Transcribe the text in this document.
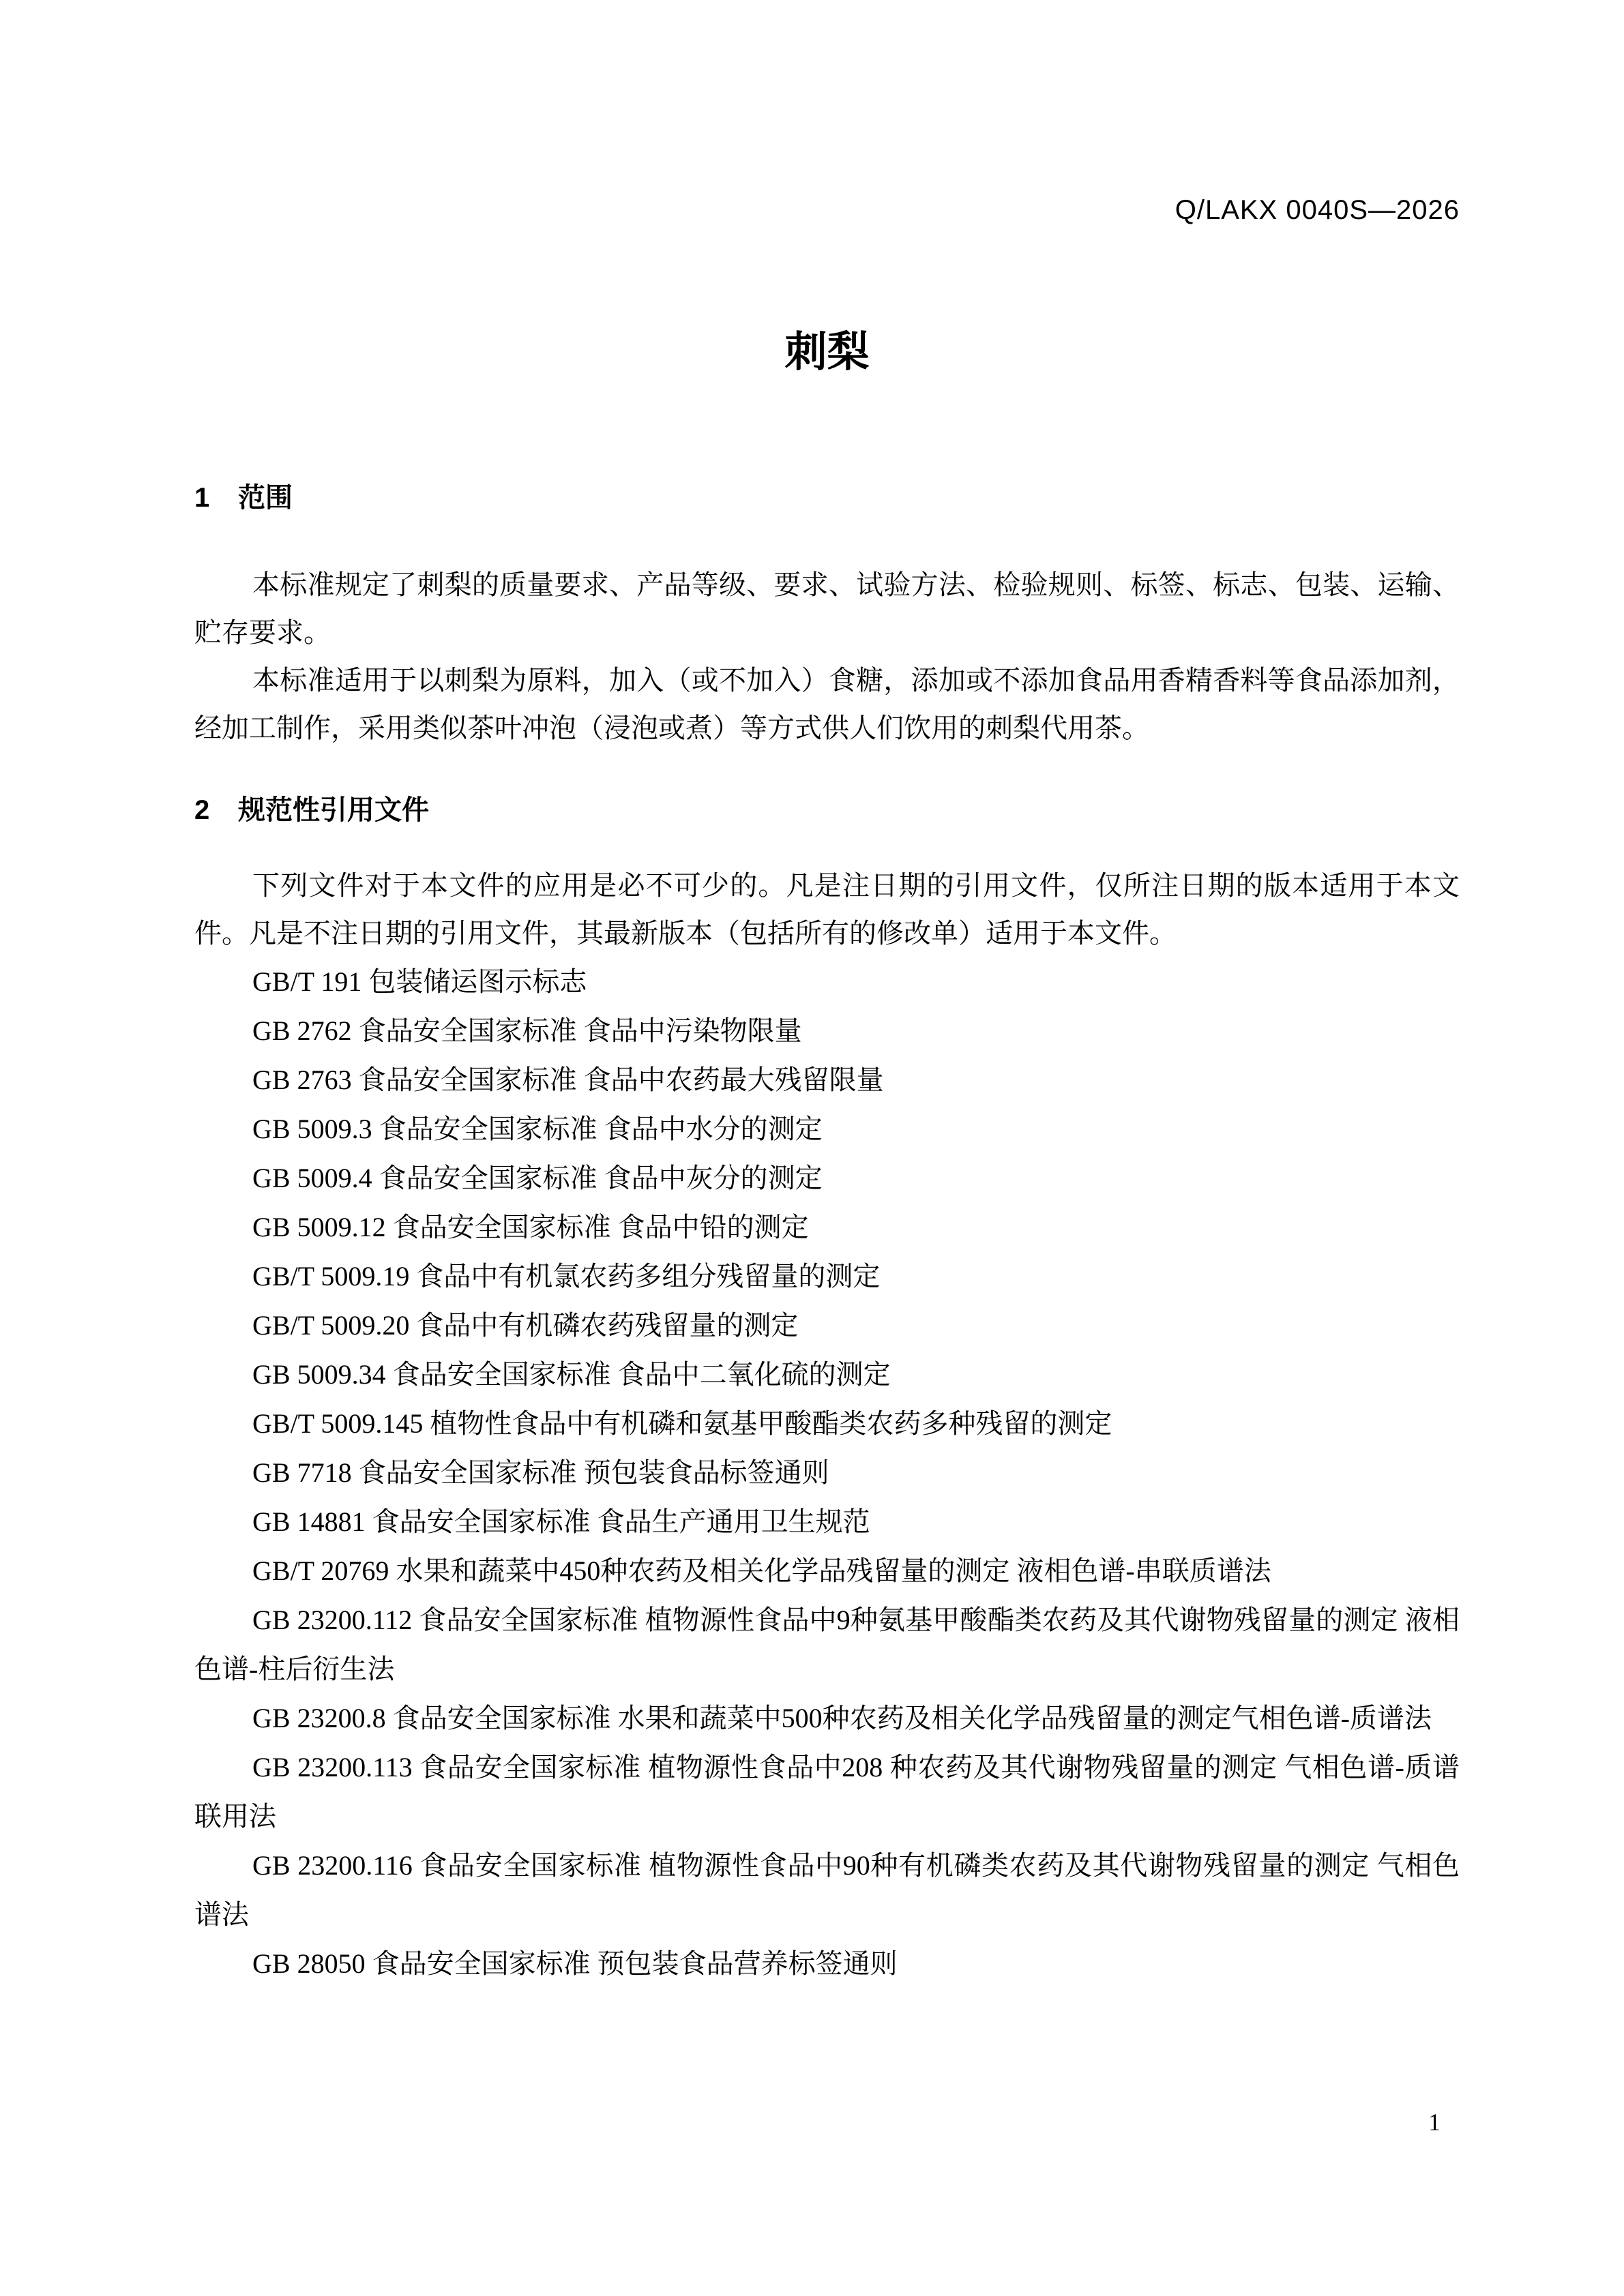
Q/LAKX 0040S—2026
刺梨
1 范围

本标准规定了刺梨的质量要求、产品等级、要求、试验方法、检验规则、标签、标志、包装、运输、贮存要求。

本标准适用于以刺梨为原料，加入（或不加入）食糖，添加或不添加食品用香精香料等食品添加剂，经加工制作，采用类似茶叶冲泡（浸泡或煮）等方式供人们饮用的刺梨代用茶。

2 规范性引用文件

下列文件对于本文件的应用是必不可少的。凡是注日期的引用文件，仅所注日期的版本适用于本文件。凡是不注日期的引用文件，其最新版本（包括所有的修改单）适用于本文件。

GB/T 191 包装储运图示标志

GB 2762 食品安全国家标准 食品中污染物限量

GB 2763 食品安全国家标准 食品中农药最大残留限量

GB 5009.3 食品安全国家标准 食品中水分的测定

GB 5009.4 食品安全国家标准 食品中灰分的测定

GB 5009.12 食品安全国家标准 食品中铅的测定

GB/T 5009.19 食品中有机氯农药多组分残留量的测定

GB/T 5009.20 食品中有机磷农药残留量的测定

GB 5009.34 食品安全国家标准 食品中二氧化硫的测定

GB/T 5009.145 植物性食品中有机磷和氨基甲酸酯类农药多种残留的测定

GB 7718 食品安全国家标准 预包装食品标签通则

GB 14881 食品安全国家标准 食品生产通用卫生规范

GB/T 20769 水果和蔬菜中450种农药及相关化学品残留量的测定 液相色谱-串联质谱法

GB 23200.112 食品安全国家标准 植物源性食品中9种氨基甲酸酯类农药及其代谢物残留量的测定 液相色谱-柱后衍生法

GB 23200.8 食品安全国家标准 水果和蔬菜中500种农药及相关化学品残留量的测定气相色谱-质谱法

GB 23200.113 食品安全国家标准 植物源性食品中208 种农药及其代谢物残留量的测定 气相色谱-质谱联用法

GB 23200.116 食品安全国家标准 植物源性食品中90种有机磷类农药及其代谢物残留量的测定 气相色谱法

GB 28050 食品安全国家标准 预包装食品营养标签通则

1
